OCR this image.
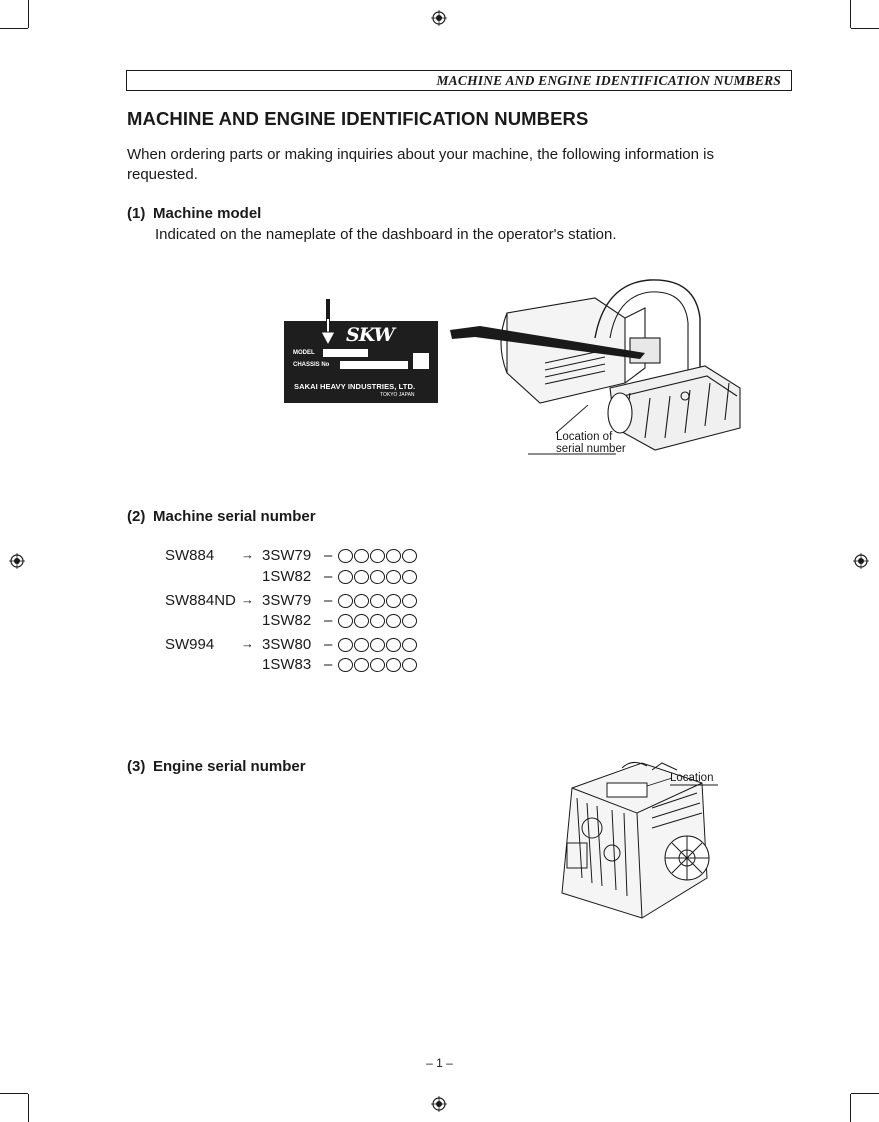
MACHINE AND ENGINE IDENTIFICATION NUMBERS
MACHINE AND ENGINE IDENTIFICATION NUMBERS
When ordering parts or making inquiries about your machine, the following information is requested.
(1) Machine model
Indicated on the nameplate of the dashboard in the operator's station.
SKW
MODEL
CHASSIS No
SAKAI HEAVY INDUSTRIES, LTD.
TOKYO JAPAN
Location of
serial number
(2) Machine serial number
SW884 → 3SW79 –
1SW82 –
SW884ND → 3SW79 –
1SW82 –
SW994 → 3SW80 –
1SW83 –
(3) Engine serial number
Location
– 1 –
